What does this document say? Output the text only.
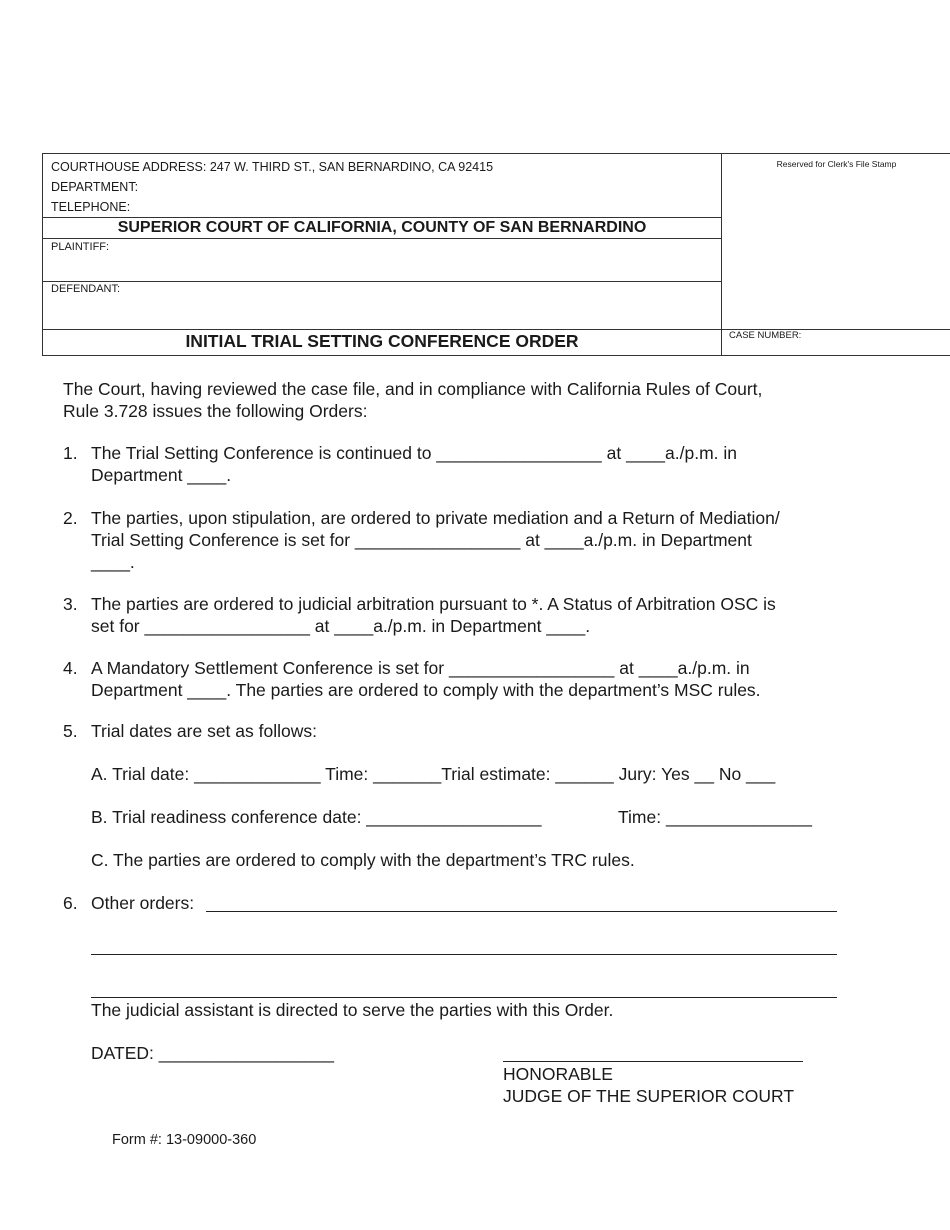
COURTHOUSE ADDRESS: 247 W. THIRD ST., SAN BERNARDINO, CA 92415
DEPARTMENT:
TELEPHONE:
SUPERIOR COURT OF CALIFORNIA, COUNTY OF SAN BERNARDINO
PLAINTIFF:
DEFENDANT:
INITIAL TRIAL SETTING CONFERENCE ORDER
Reserved for Clerk's File Stamp
CASE NUMBER:
The Court, having reviewed the case file, and in compliance with California Rules of Court,
Rule 3.728 issues the following Orders:
1. The Trial Setting Conference is continued to _________________ at ____a./p.m. in
Department ____.
2. The parties, upon stipulation, are ordered to private mediation and a Return of Mediation/
Trial Setting Conference is set for _________________ at ____a./p.m. in Department
____.
3. The parties are ordered to judicial arbitration pursuant to *. A Status of Arbitration OSC is
set for _________________ at ____a./p.m. in Department ____.
4. A Mandatory Settlement Conference is set for _________________ at ____a./p.m. in
Department ____. The parties are ordered to comply with the department’s MSC rules.
5. Trial dates are set as follows:
A. Trial date: _____________ Time: _______Trial estimate: ______ Jury: Yes __ No ___
B. Trial readiness conference date: __________________	Time: _______________
C. The parties are ordered to comply with the department’s TRC rules.
6. Other orders:
The judicial assistant is directed to serve the parties with this Order.
DATED: __________________
HONORABLE
JUDGE OF THE SUPERIOR COURT
Form #: 13-09000-360
